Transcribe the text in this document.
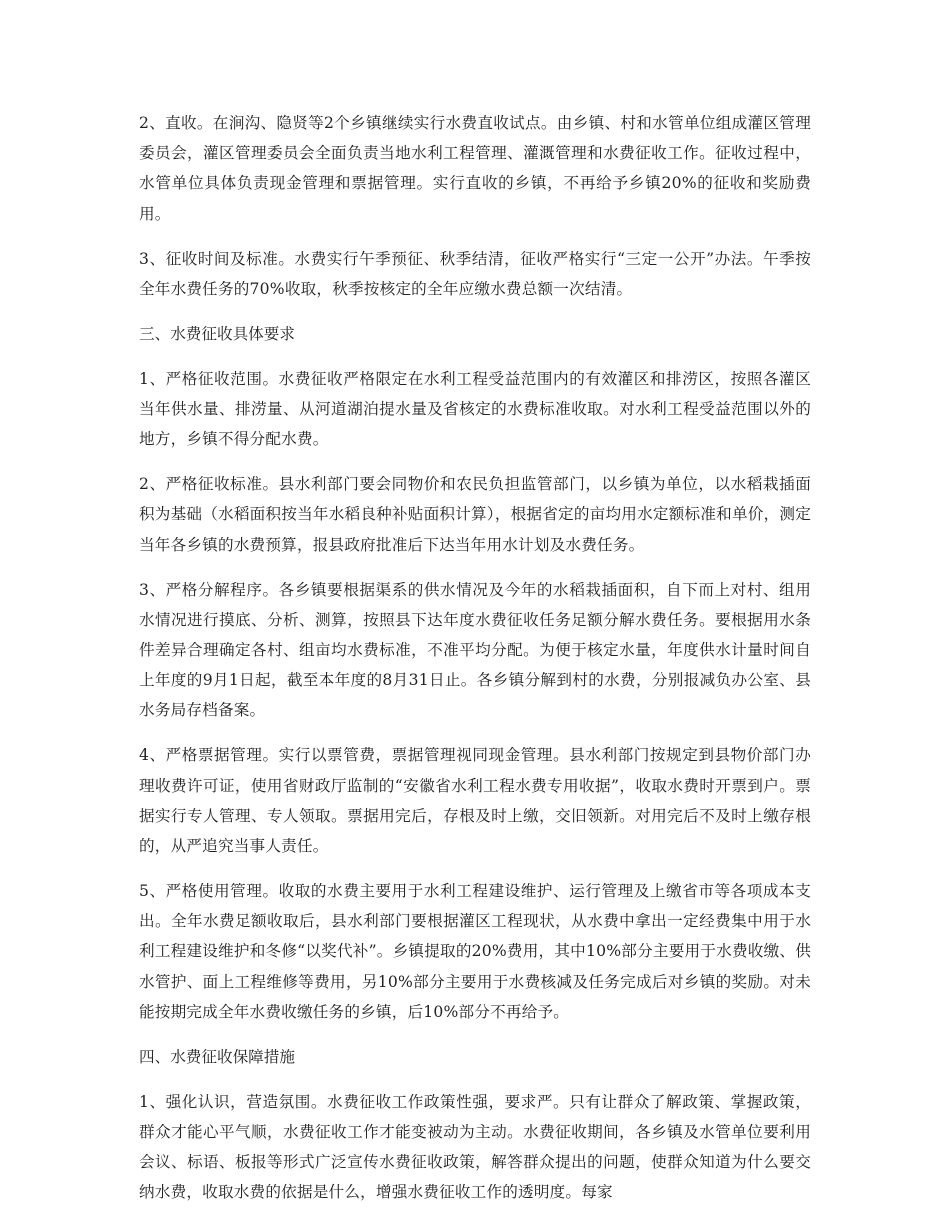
2、直收。在涧沟、隐贤等2个乡镇继续实行水费直收试点。由乡镇、村和水管单位组成灌区管理委员会，灌区管理委员会全面负责当地水利工程管理、灌溉管理和水费征收工作。征收过程中，水管单位具体负责现金管理和票据管理。实行直收的乡镇，不再给予乡镇20%的征收和奖励费用。

3、征收时间及标准。水费实行午季预征、秋季结清，征收严格实行“三定一公开”办法。午季按全年水费任务的70%收取，秋季按核定的全年应缴水费总额一次结清。

三、水费征收具体要求

1、严格征收范围。水费征收严格限定在水利工程受益范围内的有效灌区和排涝区，按照各灌区当年供水量、排涝量、从河道湖泊提水量及省核定的水费标准收取。对水利工程受益范围以外的地方，乡镇不得分配水费。

2、严格征收标准。县水利部门要会同物价和农民负担监管部门，以乡镇为单位，以水稻栽插面积为基础（水稻面积按当年水稻良种补贴面积计算），根据省定的亩均用水定额标准和单价，测定当年各乡镇的水费预算，报县政府批准后下达当年用水计划及水费任务。

3、严格分解程序。各乡镇要根据渠系的供水情况及今年的水稻栽插面积，自下而上对村、组用水情况进行摸底、分析、测算，按照县下达年度水费征收任务足额分解水费任务。要根据用水条件差异合理确定各村、组亩均水费标准，不准平均分配。为便于核定水量，年度供水计量时间自上年度的9月1日起，截至本年度的8月31日止。各乡镇分解到村的水费，分别报减负办公室、县水务局存档备案。

4、严格票据管理。实行以票管费，票据管理视同现金管理。县水利部门按规定到县物价部门办理收费许可证，使用省财政厅监制的“安徽省水利工程水费专用收据”，收取水费时开票到户。票据实行专人管理、专人领取。票据用完后，存根及时上缴，交旧领新。对用完后不及时上缴存根的，从严追究当事人责任。

5、严格使用管理。收取的水费主要用于水利工程建设维护、运行管理及上缴省市等各项成本支出。全年水费足额收取后，县水利部门要根据灌区工程现状，从水费中拿出一定经费集中用于水利工程建设维护和冬修“以奖代补”。乡镇提取的20%费用，其中10%部分主要用于水费收缴、供水管护、面上工程维修等费用，另10%部分主要用于水费核减及任务完成后对乡镇的奖励。对未能按期完成全年水费收缴任务的乡镇，后10%部分不再给予。

四、水费征收保障措施

1、强化认识，营造氛围。水费征收工作政策性强，要求严。只有让群众了解政策、掌握政策，群众才能心平气顺，水费征收工作才能变被动为主动。水费征收期间，各乡镇及水管单位要利用会议、标语、板报等形式广泛宣传水费征收政策，解答群众提出的问题，使群众知道为什么要交纳水费，收取水费的依据是什么，增强水费征收工作的透明度。每家
